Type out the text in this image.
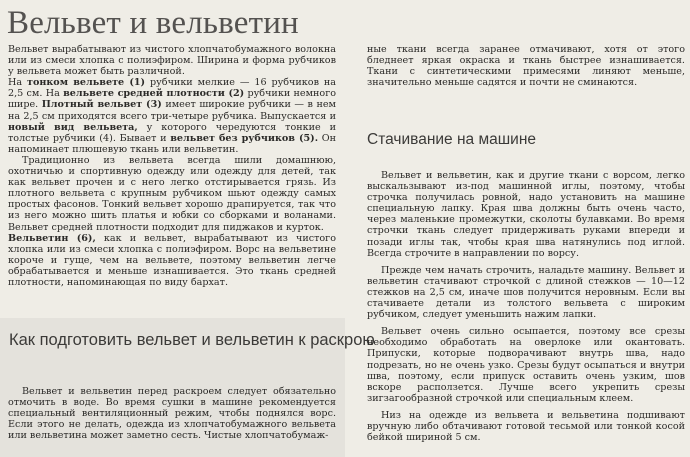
Вельвет и вельветин

Вельвет вырабатывают из чистого хлопчатобумажного волокна или из смеси хлопка с полиэфиром. Ширина и форма рубчиков у вельвета может быть различной.

На тонком вельвете (1) рубчики мелкие — 16 рубчиков на 2,5 см. На вельвете средней плотности (2) рубчики немного шире. Плотный вельвет (3) имеет широкие рубчики — в нем на 2,5 см приходятся всего три-четыре рубчика. Выпускается и новый вид вельвета, у которого чередуются тонкие и толстые рубчики (4). Бывает и вельвет без рубчиков (5). Он напоминает плюшевую ткань или вельветин.

Традиционно из вельвета всегда шили домашнюю, охотничью и спортивную одежду или одежду для детей, так как вельвет прочен и с него легко отстирывается грязь. Из плотного вельвета с крупным рубчиком шьют одежду самых простых фасонов. Тонкий вельвет хорошо драпируется, так что из него можно шить платья и юбки со сборками и воланами. Вельвет средней плотности подходит для пиджаков и курток.

Вельветин (6), как и вельвет, вырабатывают из чистого хлопка или из смеси хлопка с полиэфиром. Ворс на вельветине короче и гуще, чем на вельвете, поэтому вельветин легче обрабатывается и меньше изнашивается. Это ткань средней плотности, напоминающая по виду бархат.

Как подготовить вельвет и вельветин к раскрою

Вельвет и вельветин перед раскроем следует обязательно отмочить в воде. Во время сушки в машине рекомендуется специальный вентиляционный режим, чтобы поднялся ворс. Если этого не делать, одежда из хлопчатобумажного вельвета или вельветина может заметно сесть. Чистые хлопчатобумаж-

ные ткани всегда заранее отмачивают, хотя от этого бледнеет яркая окраска и ткань быстрее изнашивается. Ткани с синтетическими примесями линяют меньше, значительно меньше садятся и почти не сминаются.

Стачивание на машине

Вельвет и вельветин, как и другие ткани с ворсом, легко выскальзывают из-под машинной иглы, поэтому, чтобы строчка получилась ровной, надо установить на машине специальную лапку. Края шва должны быть очень часто, через маленькие промежутки, сколоты булавками. Во время строчки ткань следует придерживать руками впереди и позади иглы так, чтобы края шва натянулись под иглой. Всегда строчите в направлении по ворсу.

Прежде чем начать строчить, наладьте машину. Вельвет и вельветин стачивают строчкой с длиной стежков — 10—12 стежков на 2,5 см, иначе шов получится неровным. Если вы стачиваете детали из толстого вельвета с широким рубчиком, следует уменьшить нажим лапки.

Вельвет очень сильно осыпается, поэтому все срезы необходимо обработать на оверлоке или окантовать. Припуски, которые подворачивают внутрь шва, надо подрезать, но не очень узко. Срезы будут осыпаться и внутри шва, поэтому, если припуск оставить очень узким, шов вскоре расползется. Лучше всего укрепить срезы зигзагообразной строчкой или специальным клеем.

Низ на одежде из вельвета и вельветина подшивают вручную либо обтачивают готовой тесьмой или тонкой косой бейкой шириной 5 см.
